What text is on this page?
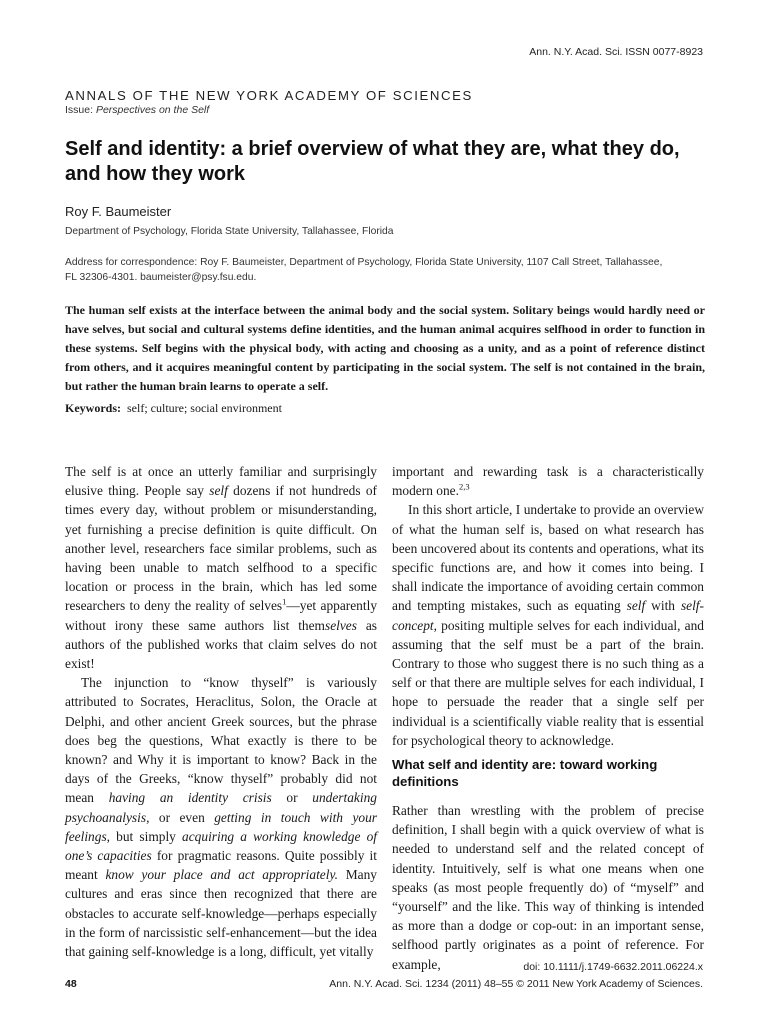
Ann. N.Y. Acad. Sci. ISSN 0077-8923
ANNALS OF THE NEW YORK ACADEMY OF SCIENCES
Issue: Perspectives on the Self
Self and identity: a brief overview of what they are, what they do, and how they work
Roy F. Baumeister
Department of Psychology, Florida State University, Tallahassee, Florida
Address for correspondence: Roy F. Baumeister, Department of Psychology, Florida State University, 1107 Call Street, Tallahassee, FL 32306-4301. baumeister@psy.fsu.edu.

The human self exists at the interface between the animal body and the social system. Solitary beings would hardly need or have selves, but social and cultural systems define identities, and the human animal acquires selfhood in order to function in these systems. Self begins with the physical body, with acting and choosing as a unity, and as a point of reference distinct from others, and it acquires meaningful content by participating in the social system. The self is not contained in the brain, but rather the human brain learns to operate a self.

Keywords: self; culture; social environment

The self is at once an utterly familiar and surprisingly elusive thing. People say self dozens if not hundreds of times every day, without problem or misunderstanding, yet furnishing a precise definition is quite difficult. On another level, researchers face similar problems, such as having been unable to match selfhood to a specific location or process in the brain, which has led some researchers to deny the reality of selves$^1$—yet apparently without irony these same authors list themselves as authors of the published works that claim selves do not exist!

The injunction to “know thyself” is variously attributed to Socrates, Heraclitus, Solon, the Oracle at Delphi, and other ancient Greek sources, but the phrase does beg the questions, What exactly is there to be known? and Why it is important to know? Back in the days of the Greeks, “know thyself” probably did not mean having an identity crisis or undertaking psychoanalysis, or even getting in touch with your feelings, but simply acquiring a working knowledge of one’s capacities for pragmatic reasons. Quite possibly it meant know your place and act appropriately. Many cultures and eras since then recognized that there are obstacles to accurate self-knowledge—perhaps especially in the form of narcissistic self-enhancement—but the idea that gaining self-knowledge is a long, difficult, yet vitally

important and rewarding task is a characteristically modern one.$^{2,3}$

In this short article, I undertake to provide an overview of what the human self is, based on what research has been uncovered about its contents and operations, what its specific functions are, and how it comes into being. I shall indicate the importance of avoiding certain common and tempting mistakes, such as equating self with self-concept, positing multiple selves for each individual, and assuming that the self must be a part of the brain. Contrary to those who suggest there is no such thing as a self or that there are multiple selves for each individual, I hope to persuade the reader that a single self per individual is a scientifically viable reality that is essential for psychological theory to acknowledge.

What self and identity are: toward working definitions

Rather than wrestling with the problem of precise definition, I shall begin with a quick overview of what is needed to understand self and the related concept of identity. Intuitively, self is what one means when one speaks (as most people frequently do) of “myself” and “yourself” and the like. This way of thinking is intended as more than a dodge or cop-out: in an important sense, selfhood partly originates as a point of reference. For example,	doi: 10.1111/j.1749-6632.2011.06224.x
48	Ann. N.Y. Acad. Sci. 1234 (2011) 48–55 © 2011 New York Academy of Sciences.
